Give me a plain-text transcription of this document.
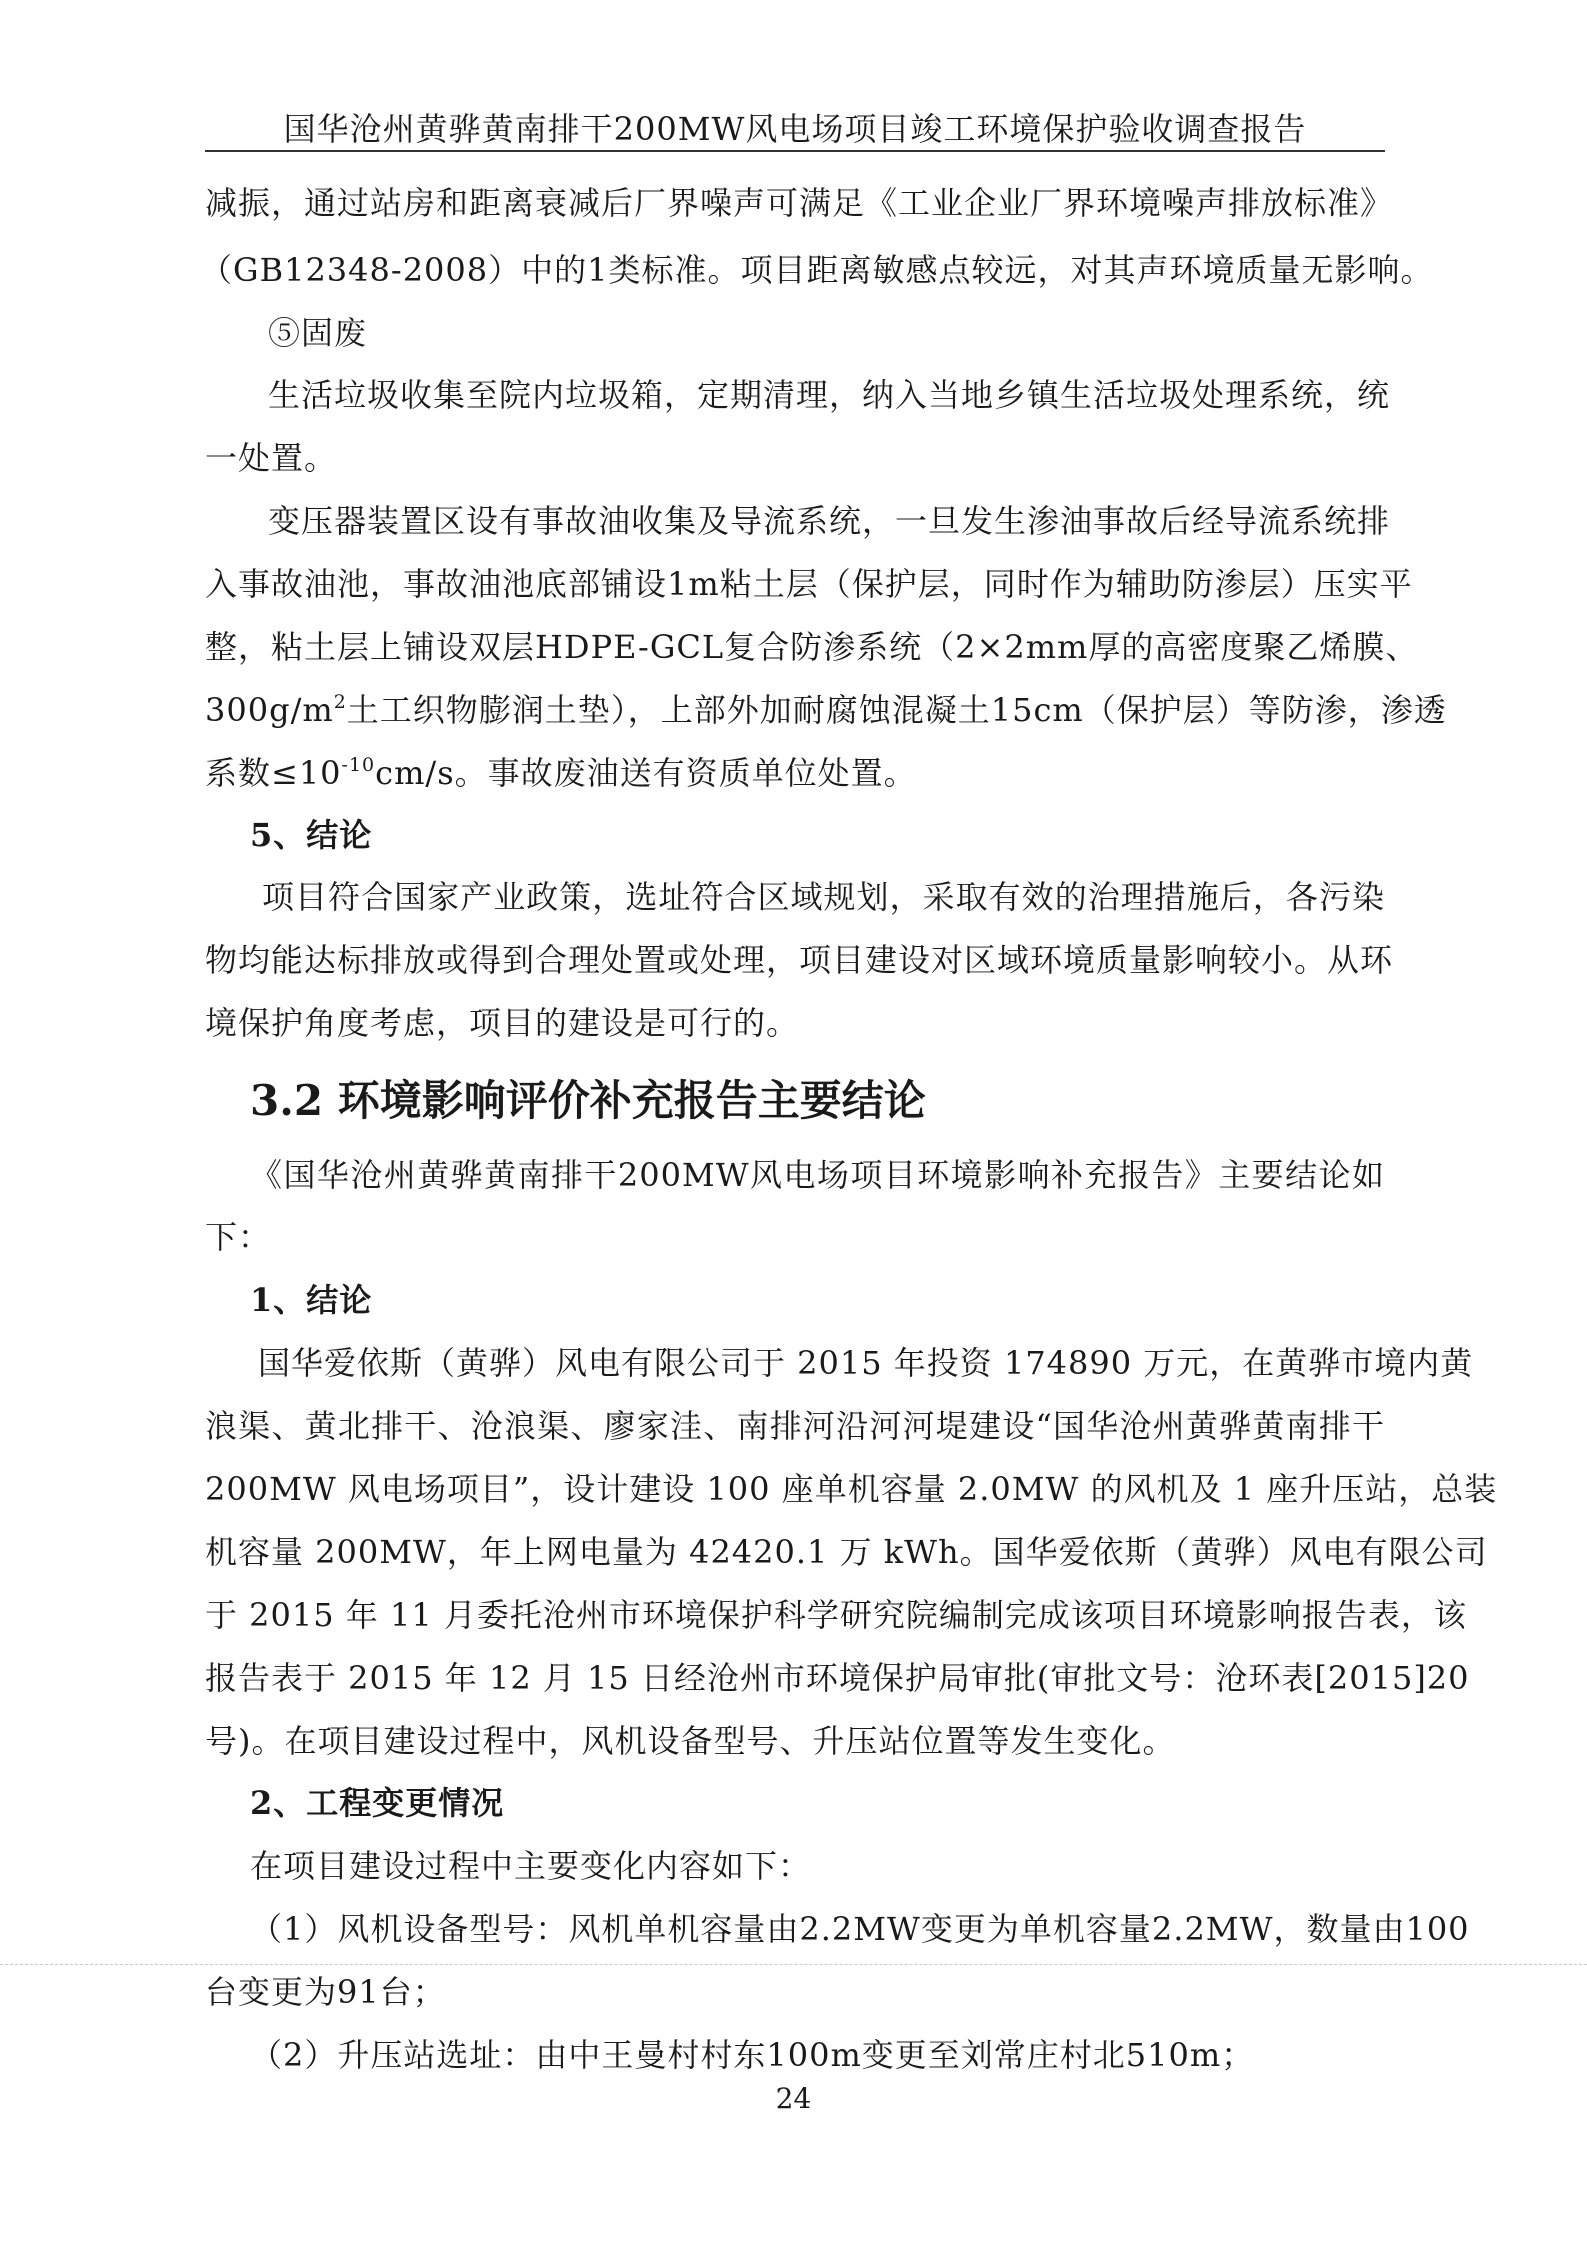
国华沧州黄骅黄南排干200MW风电场项目竣工环境保护验收调查报告
减振，通过站房和距离衰减后厂界噪声可满足《工业企业厂界环境噪声排放标准》
（GB12348-2008）中的1类标准。项目距离敏感点较远，对其声环境质量无影响。
⑤固废
生活垃圾收集至院内垃圾箱，定期清理，纳入当地乡镇生活垃圾处理系统，统
一处置。
变压器装置区设有事故油收集及导流系统，一旦发生渗油事故后经导流系统排
入事故油池，事故油池底部铺设1m粘土层（保护层，同时作为辅助防渗层）压实平
整，粘土层上铺设双层HDPE-GCL复合防渗系统（2×2mm厚的高密度聚乙烯膜、
$300g/m^2$土工织物膨润土垫），上部外加耐腐蚀混凝土15cm（保护层）等防渗，渗透
系数$\le 10^{-10}cm/s$。事故废油送有资质单位处置。
5、结论
项目符合国家产业政策，选址符合区域规划，采取有效的治理措施后，各污染
物均能达标排放或得到合理处置或处理，项目建设对区域环境质量影响较小。从环
境保护角度考虑，项目的建设是可行的。
3.2 环境影响评价补充报告主要结论
《国华沧州黄骅黄南排干200MW风电场项目环境影响补充报告》主要结论如
下：
1、结论
国华爱依斯（黄骅）风电有限公司于 2015 年投资 174890 万元，在黄骅市境内黄
浪渠、黄北排干、沧浪渠、廖家洼、南排河沿河河堤建设“国华沧州黄骅黄南排干
200MW 风电场项目”，设计建设 100 座单机容量 2.0MW 的风机及 1 座升压站，总装
机容量 200MW，年上网电量为 42420.1 万 kWh。国华爱依斯（黄骅）风电有限公司
于 2015 年 11 月委托沧州市环境保护科学研究院编制完成该项目环境影响报告表，该
报告表于 2015 年 12 月 15 日经沧州市环境保护局审批(审批文号：沧环表[2015]20
号)。在项目建设过程中，风机设备型号、升压站位置等发生变化。
2、工程变更情况
在项目建设过程中主要变化内容如下：
（1）风机设备型号：风机单机容量由2.2MW变更为单机容量2.2MW，数量由100
台变更为91台；
（2）升压站选址：由中王曼村村东100m变更至刘常庄村北510m；
24
